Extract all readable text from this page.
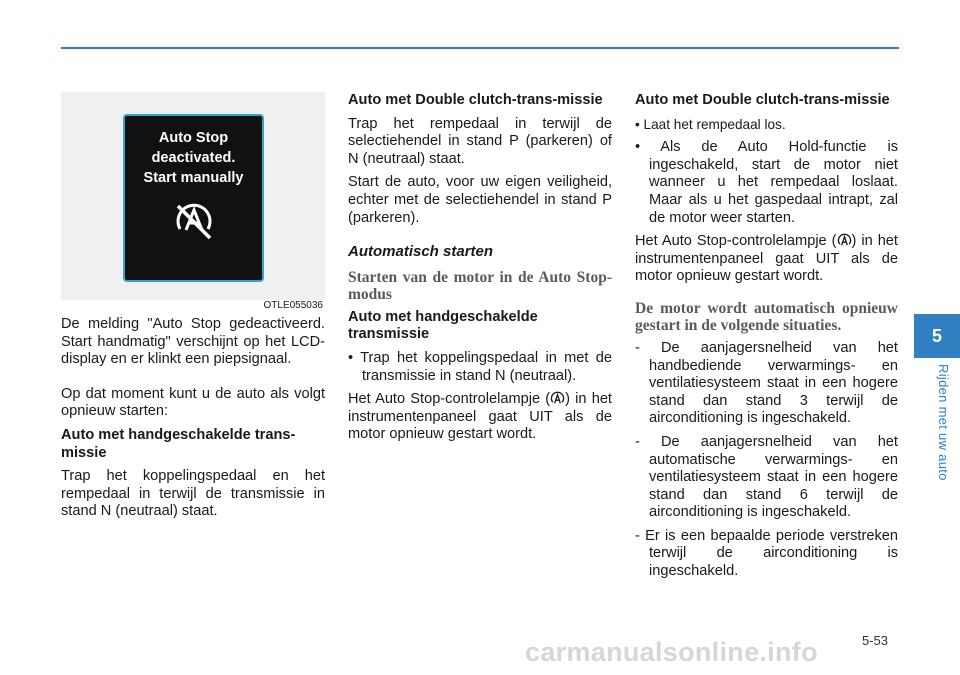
Auto Stop
deactivated.
Start manually
OTLE055036

De melding "Auto Stop gedeactiveerd. Start handmatig" verschijnt op het LCD-display en er klinkt een piepsignaal.

Op dat moment kunt u de auto als volgt opnieuw starten:

Auto met handgeschakelde trans-missie

Trap het koppelingspedaal en het rempedaal in terwijl de transmissie in stand N (neutraal) staat.

Auto met Double clutch-trans-missie

Trap het rempedaal in terwijl de selectiehendel in stand P (parkeren) of N (neutraal) staat.

Start de auto, voor uw eigen veiligheid, echter met de selectiehendel in stand P (parkeren).

Automatisch starten

Starten van de motor in de Auto Stop-modus

Auto met handgeschakelde transmissie

• Trap het koppelingspedaal in met de transmissie in stand N (neutraal).

Het Auto Stop-controlelampje ( ) in het instrumentenpaneel gaat UIT als de motor opnieuw gestart wordt.

Auto met Double clutch-trans-missie

• Laat het rempedaal los.

• Als de Auto Hold-functie is ingeschakeld, start de motor niet wanneer u het rempedaal loslaat. Maar als u het gaspedaal intrapt, zal de motor weer starten.

Het Auto Stop-controlelampje ( ) in het instrumentenpaneel gaat UIT als de motor opnieuw gestart wordt.

De motor wordt automatisch opnieuw gestart in de volgende situaties.

- De aanjagersnelheid van het handbediende verwarmings- en ventilatiesysteem staat in een hogere stand dan stand 3 terwijl de airconditioning is ingeschakeld.

- De aanjagersnelheid van het automatische verwarmings- en ventilatiesysteem staat in een hogere stand dan stand 6 terwijl de airconditioning is ingeschakeld.

- Er is een bepaalde periode verstreken terwijl de airconditioning is ingeschakeld.

5
Rijden met uw auto
5-53
carmanualsonline.info
